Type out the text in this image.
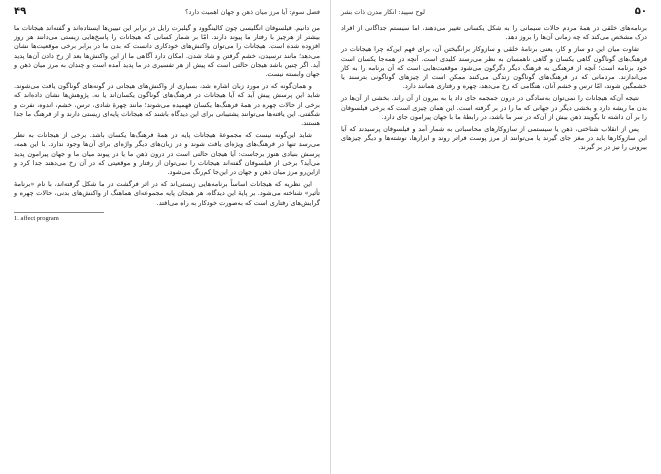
۴۹	فصل سوم: آیا مرز میان ذهن و جهان اهمیت دارد؟

من دانیم. فیلسوفان انگلیسی چون کالینگوود و گیلبرت رایل در برابر این تبیین‌ها ایستاده‌اند و گفته‌اند هیجانات ما بیشتر از هرچیز با رفتار ما پیوند دارند. امّا بر شمار کسانی که هیجانات را پاسخ‌هایی زیستی می‌دانند هر روز افزوده شده است. هیجانات را می‌توان واکنش‌های خودکاری دانست که بدن ما در برابر برخی موقعیت‌ها نشان می‌دهد؛ مانند ترسیدن، خشم گرفتن و شاد شدن. امکان دارد آگاهی ما از این واکنش‌ها بعد از رخ دادن آن‌ها پدید آید. اگر چنین باشد هیجان حالتی است که پیش از هر تفسیری در ما پدید آمده است و چندان به مرز میان ذهن و جهان وابسته نیست.

و همان‌گونه که در مورد زبان اشاره شد، بسیاری از واکنش‌های هیجانی در گونه‌های گوناگون یافت می‌شوند. شاید این پرسش پیش آید که آیا هیجانات در فرهنگ‌های گوناگون یکسان‌اند یا نه. پژوهش‌ها نشان داده‌اند که برخی از حالات چهره در همهٔ فرهنگ‌ها یکسان فهمیده می‌شوند؛ مانند چهرهٔ شادی، ترس، خشم، اندوه، نفرت و شگفتی. این یافته‌ها می‌توانند پشتیبانی برای این دیدگاه باشند که هیجانات پایه‌ای زیستی دارند و از فرهنگ ما جدا هستند.

شاید این‌گونه نیست که مجموعهٔ هیجانات پایه در همهٔ فرهنگ‌ها یکسان باشد. برخی از هیجانات به نظر می‌رسد تنها در فرهنگ‌های ویژه‌ای یافت شوند و در زبان‌های دیگر واژه‌ای برای آن‌ها وجود ندارد. با این همه، پرسش بنیادی هنوز برجاست: آیا هیجان حالتی است در درون ذهن ما یا در پیوند میان ما و جهان پیرامون پدید می‌آید؟ برخی از فیلسوفان گفته‌اند هیجانات را نمی‌توان از رفتار و موقعیتی که در آن رخ می‌دهند جدا کرد و ازاین‌رو مرز میان ذهن و جهان در این‌جا کم‌رنگ می‌شود.

این نظریه که هیجانات اساساً برنامه‌هایی زیستی‌اند که در اثر فرگشت در ما شکل گرفته‌اند، با نام «برنامهٔ تأثیر» شناخته می‌شود. بر پایهٔ این دیدگاه، هر هیجان پایه مجموعه‌ای هماهنگ از واکنش‌های بدنی، حالات چهره و گرایش‌های رفتاری است که به‌صورت خودکار به راه می‌افتد.

1. affect program
لوح سپید: انکار مدرن ذات بشر	۵۰

برنامه‌های خلقی در همهٔ مردم حالات سیمانی را به شکل یکسانی تغییر می‌دهند، اما سیستم جداگانی از افراد درک مشخص می‌کند که چه زمانی آن‌ها را بروز دهد.

تفاوت میان این دو ساز و کار، یعنی برنامهٔ خلقی و سازوکار برانگیختن آن، برای فهم این‌که چرا هیجانات در فرهنگ‌های گوناگون گاهی یکسان و گاهی ناهمسان به نظر می‌رسند کلیدی است. آنچه در همه‌جا یکسان است خود برنامه است؛ آنچه از فرهنگی به فرهنگ دیگر دگرگون می‌شود موقعیت‌هایی است که آن برنامه را به کار می‌اندازند. مردمانی که در فرهنگ‌های گوناگون زندگی می‌کنند ممکن است از چیزهای گوناگونی بترسند یا خشمگین شوند، امّا ترس و خشم آنان، هنگامی که رخ می‌دهد، چهره و رفتاری همانند دارد.

نتیجه آن‌که هیجانات را نمی‌توان به‌سادگی در درون جمجمه جای داد یا به بیرون از آن راند. بخشی از آن‌ها در بدن ما ریشه دارد و بخشی دیگر در جهانی که ما را در بر گرفته است. این همان چیزی است که برخی فیلسوفان را بر آن داشته تا بگویند ذهن بیش از آن‌که در سر ما باشد، در رابطهٔ ما با جهان پیرامون جای دارد.

پس از انقلاب شناختی، ذهن یا سیستمی از سازوکارهای محاسباتی به شمار آمد و فیلسوفان پرسیدند که آیا این سازوکارها باید در مغز جای گیرند یا می‌توانند از مرز پوست فراتر روند و ابزارها، نوشته‌ها و دیگر چیزهای بیرونی را نیز در بر گیرند.
